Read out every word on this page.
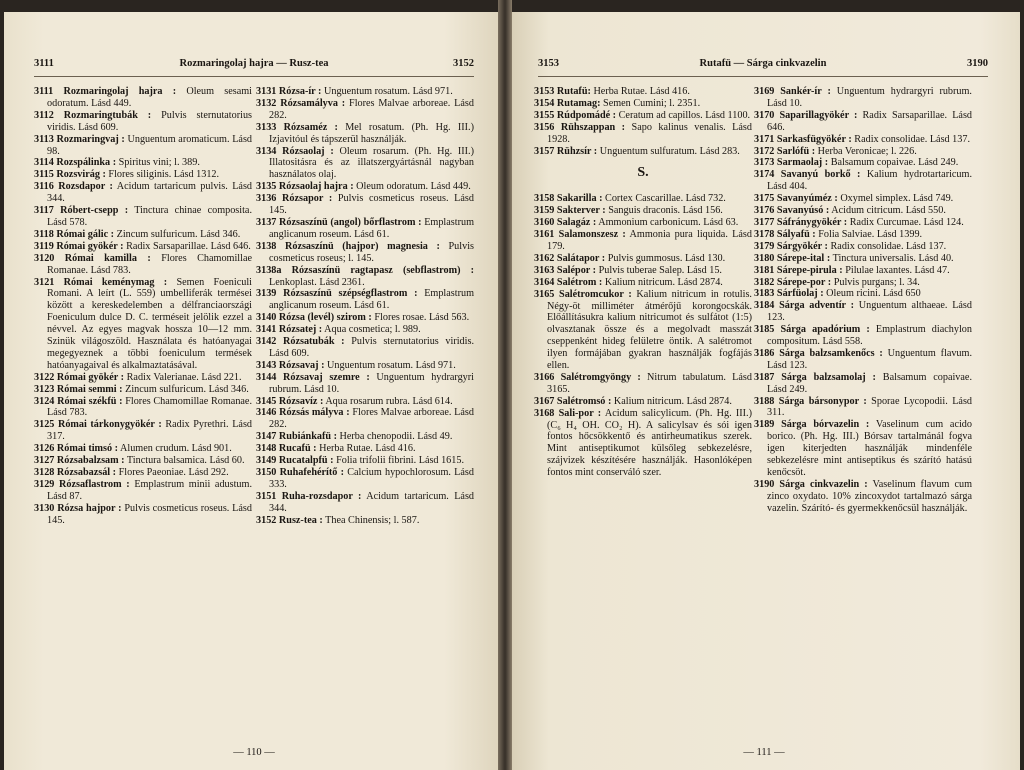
3111	Rozmaringolaj hajra — Rusz-tea	3152

3111 Rozmaringolaj hajra : Oleum sesami odoratum. Lásd 449.

3112 Rozmaringtubák : Pulvis sternutatorius viridis. Lásd 609.

3113 Rozmaringvaj : Unguentum aromaticum. Lásd 98.

3114 Rozspálinka : Spiritus vini; l. 389.

3115 Rozsvirág : Flores siliginis. Lásd 1312.

3116 Rozsdapor : Acidum tartaricum pulvis. Lásd 344.

3117 Róbert-csepp : Tinctura chinae composita. Lásd 578.

3118 Római gálic : Zincum sulfuricum. Lásd 346.

3119 Római gyökér : Radix Sarsaparillae. Lásd 646.

3120 Római kamilla : Flores Chamomillae Romanae. Lásd 783.

3121 Római keménymag : Semen Foeniculi Romani. A leírt (L. 559) umbelliferák termései között a kereskedelemben a délfranciaországi Foeniculum dulce D. C. terméseit jelölik ezzel a névvel. Az egyes magvak hossza 10—12 mm. Szinük világoszöld. Használata és hatóanyagai megegyeznek a többi foeniculum termések hatóanyagaival és alkalmaztatásával.

3122 Római gyökér : Radix Valerianae. Lásd 221.

3123 Római semmi : Zincum sulfuricum. Lásd 346.

3124 Római székfü : Flores Chamomillae Romanae. Lásd 783.

3125 Római tárkonygyökér : Radix Pyrethri. Lásd 317.

3126 Római timsó : Alumen crudum. Lásd 901.

3127 Rózsabalzsam : Tinctura balsamica. Lásd 60.

3128 Rózsabazsál : Flores Paeoniae. Lásd 292.

3129 Rózsaflastrom : Emplastrum minii adustum. Lásd 87.

3130 Rózsa hajpor : Pulvis cosmeticus roseus. Lásd 145.

3131 Rózsa-ír : Unguentum rosatum. Lásd 971.

3132 Rózsamályva : Flores Malvae arboreae. Lásd 282.

3133 Rózsaméz : Mel rosatum. (Ph. Hg. III.) Izjavitóul és tápszerül használják.

3134 Rózsaolaj : Oleum rosarum. (Ph. Hg. III.) Illatositásra és az illatszergyártásnál nagyban használatos olaj.

3135 Rózsaolaj hajra : Oleum odoratum. Lásd 449.

3136 Rózsapor : Pulvis cosmeticus roseus. Lásd 145.

3137 Rózsaszínü (angol) bőrflastrom : Emplastrum anglicanum roseum. Lásd 61.

3138 Rózsaszínü (hajpor) magnesia : Pulvis cosmeticus roseus; l. 145.

3138a Rózsaszínü ragtapasz (sebflastrom) : Lenkoplast. Lásd 2361.

3139 Rózsaszínü szépségflastrom : Emplastrum anglicanum roseum. Lásd 61.

3140 Rózsa (levél) szirom : Flores rosae. Lásd 563.

3141 Rózsatej : Aqua cosmetica; l. 989.

3142 Rózsatubák : Pulvis sternutatorius viridis. Lásd 609.

3143 Rózsavaj : Unguentum rosatum. Lásd 971.

3144 Rózsavaj szemre : Unguentum hydrargyri rubrum. Lásd 10.

3145 Rózsavíz : Aqua rosarum rubra. Lásd 614.

3146 Rózsás mályva : Flores Malvae arboreae. Lásd 282.

3147 Rubiánkafü : Herba chenopodii. Lásd 49.

3148 Rucafü : Herba Rutae. Lásd 416.

3149 Rucatalpfü : Folia trifolii fibrini. Lásd 1615.

3150 Ruhafehérítő : Calcium hypochlorosum. Lásd 333.

3151 Ruha-rozsdapor : Acidum tartaricum. Lásd 344.

3152 Rusz-tea : Thea Chinensis; l. 587.

— 110 —
3153	Rutafü — Sárga cinkvazelin	3190

3153 Rutafü: Herba Rutae. Lásd 416.

3154 Rutamag: Semen Cumini; l. 2351.

3155 Rúdpomádé : Ceratum ad capillos. Lásd 1100.

3156 Rühszappan : Sapo kalinus venalis. Lásd 1928.

3157 Rühzsír : Unguentum sulfuratum. Lásd 283.

S.

3158 Sakarilla : Cortex Cascarillae. Lásd 732.

3159 Sakterver : Sanguis draconis. Lásd 156.

3160 Salagáz : Ammonium carbonicum. Lásd 63.

3161 Salamonszesz : Ammonia pura liquida. Lásd 179.

3162 Salátapor : Pulvis gummosus. Lásd 130.

3163 Salépor : Pulvis tuberae Salep. Lásd 15.

3164 Salétrom : Kalium nitricum. Lásd 2874.

3165 Salétromcukor : Kalium nitricum in rotulis. Négy-öt milliméter átmérőjű korongocskák. Előállításukra kalium nitricumot és sulfátot (1:5) olvasztanak össze és a megolvadt masszát cseppenként hideg felületre öntik. A salétromot ilyen formájában gyakran használják fogfájás ellen.

3166 Salétromgyöngy : Nitrum tabulatum. Lásd 3165.

3167 Salétromsó : Kalium nitricum. Lásd 2874.

3168 Sali-por : Acidum salicylicum. (Ph. Hg. III.) (C₆ H₄ OH. CO₂ H). A salicylsav és sói igen fontos hőcsökkentő és antirheumatikus szerek. Mint antiseptikumot külsőleg sebkezelésre, szájvizek készítésére használják. Hasonlóképen fontos mint conserváló szer.

3169 Sankér-ír : Unguentum hydrargyri rubrum. Lásd 10.

3170 Saparillagyökér : Radix Sarsaparillae. Lásd 646.

3171 Sarkasfügyökér : Radix consolidae. Lásd 137.

3172 Sarlófü : Herba Veronicae; l. 226.

3173 Sarmaolaj : Balsamum copaivae. Lásd 249.

3174 Savanyú borkő : Kalium hydrotartaricum. Lásd 404.

3175 Savanyúméz : Oxymel simplex. Lásd 749.

3176 Savanyúsó : Acidum citricum. Lásd 550.

3177 Sáfránygyökér : Radix Curcumae. Lásd 124.

3178 Sályafü : Folia Salviae. Lásd 1399.

3179 Sárgyökér : Radix consolidae. Lásd 137.

3180 Sárepe-ital : Tinctura universalis. Lásd 40.

3181 Sárepe-pirula : Pilulae laxantes. Lásd 47.

3182 Sárepe-por : Pulvis purgans; l. 34.

3183 Sárfüolaj : Oleum ricini. Lásd 650

3184 Sárga adventír : Unguentum althaeae. Lásd 123.

3185 Sárga apadórium : Emplastrum diachylon compositum. Lásd 558.

3186 Sárga balzsamkenőcs : Unguentum flavum. Lásd 123.

3187 Sárga balzsamolaj : Balsamum copaivae. Lásd 249.

3188 Sárga bársonypor : Sporae Lycopodii. Lásd 311.

3189 Sárga bórvazelin : Vaselinum cum acido borico. (Ph. Hg. III.) Bórsav tartalmánál fogva igen kiterjedten használják mindenféle sebkezelésre mint antiseptikus és szárító hatású kenőcsöt.

3190 Sárga cinkvazelin : Vaselinum flavum cum zinco oxydato. 10% zincoxydot tartalmazó sárga vazelin. Szárító- és gyermekkenőcsül használják.

— 111 —
